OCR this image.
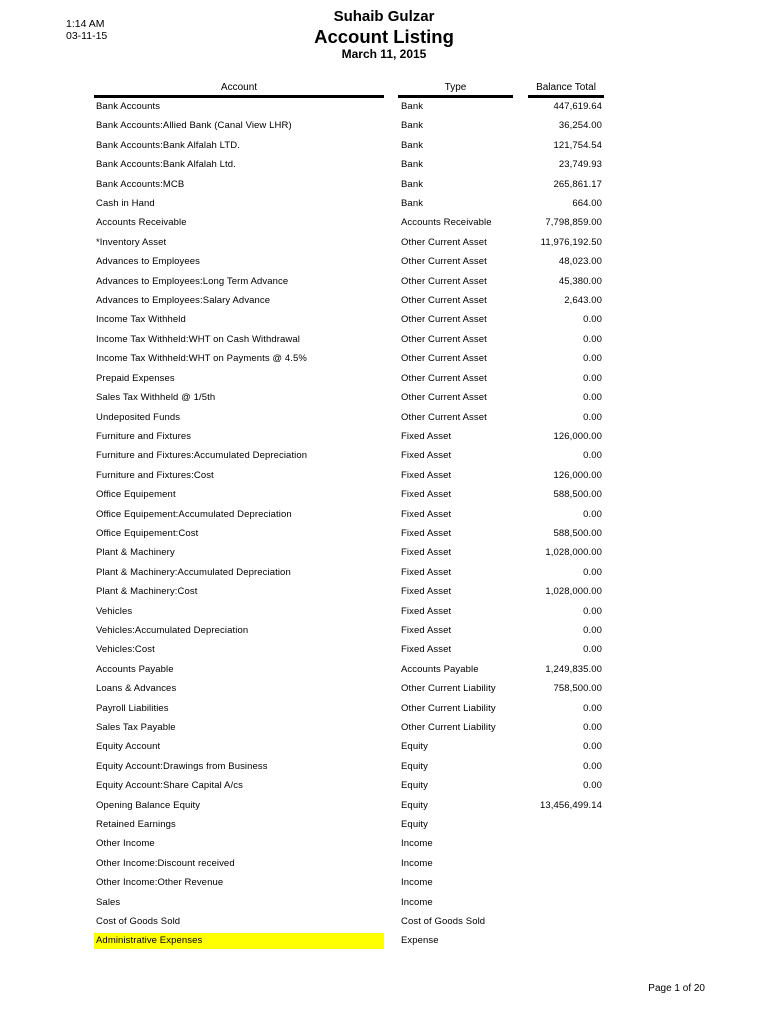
1:14 AM
03-11-15
Suhaib Gulzar
Account Listing
March 11, 2015
Account	Type	Balance Total
Bank Accounts	Bank	447,619.64
Bank Accounts:Allied Bank (Canal View LHR)	Bank	36,254.00
Bank Accounts:Bank Alfalah LTD.	Bank	121,754.54
Bank Accounts:Bank Alfalah Ltd.	Bank	23,749.93
Bank Accounts:MCB	Bank	265,861.17
Cash in Hand	Bank	664.00
Accounts Receivable	Accounts Receivable	7,798,859.00
*Inventory Asset	Other Current Asset	11,976,192.50
Advances to Employees	Other Current Asset	48,023.00
Advances to Employees:Long Term Advance	Other Current Asset	45,380.00
Advances to Employees:Salary Advance	Other Current Asset	2,643.00
Income Tax Withheld	Other Current Asset	0.00
Income Tax Withheld:WHT on Cash Withdrawal	Other Current Asset	0.00
Income Tax Withheld:WHT on Payments @ 4.5%	Other Current Asset	0.00
Prepaid Expenses	Other Current Asset	0.00
Sales Tax Withheld @ 1/5th	Other Current Asset	0.00
Undeposited Funds	Other Current Asset	0.00
Furniture and Fixtures	Fixed Asset	126,000.00
Furniture and Fixtures:Accumulated Depreciation	Fixed Asset	0.00
Furniture and Fixtures:Cost	Fixed Asset	126,000.00
Office Equipement	Fixed Asset	588,500.00
Office Equipement:Accumulated Depreciation	Fixed Asset	0.00
Office Equipement:Cost	Fixed Asset	588,500.00
Plant & Machinery	Fixed Asset	1,028,000.00
Plant & Machinery:Accumulated Depreciation	Fixed Asset	0.00
Plant & Machinery:Cost	Fixed Asset	1,028,000.00
Vehicles	Fixed Asset	0.00
Vehicles:Accumulated Depreciation	Fixed Asset	0.00
Vehicles:Cost	Fixed Asset	0.00
Accounts Payable	Accounts Payable	1,249,835.00
Loans & Advances	Other Current Liability	758,500.00
Payroll Liabilities	Other Current Liability	0.00
Sales Tax Payable	Other Current Liability	0.00
Equity Account	Equity	0.00
Equity Account:Drawings from Business	Equity	0.00
Equity Account:Share Capital A/cs	Equity	0.00
Opening Balance Equity	Equity	13,456,499.14
Retained Earnings	Equity
Other Income	Income
Other Income:Discount received	Income
Other Income:Other Revenue	Income
Sales	Income
Cost of Goods Sold	Cost of Goods Sold
Administrative Expenses	Expense
Page 1 of 20
